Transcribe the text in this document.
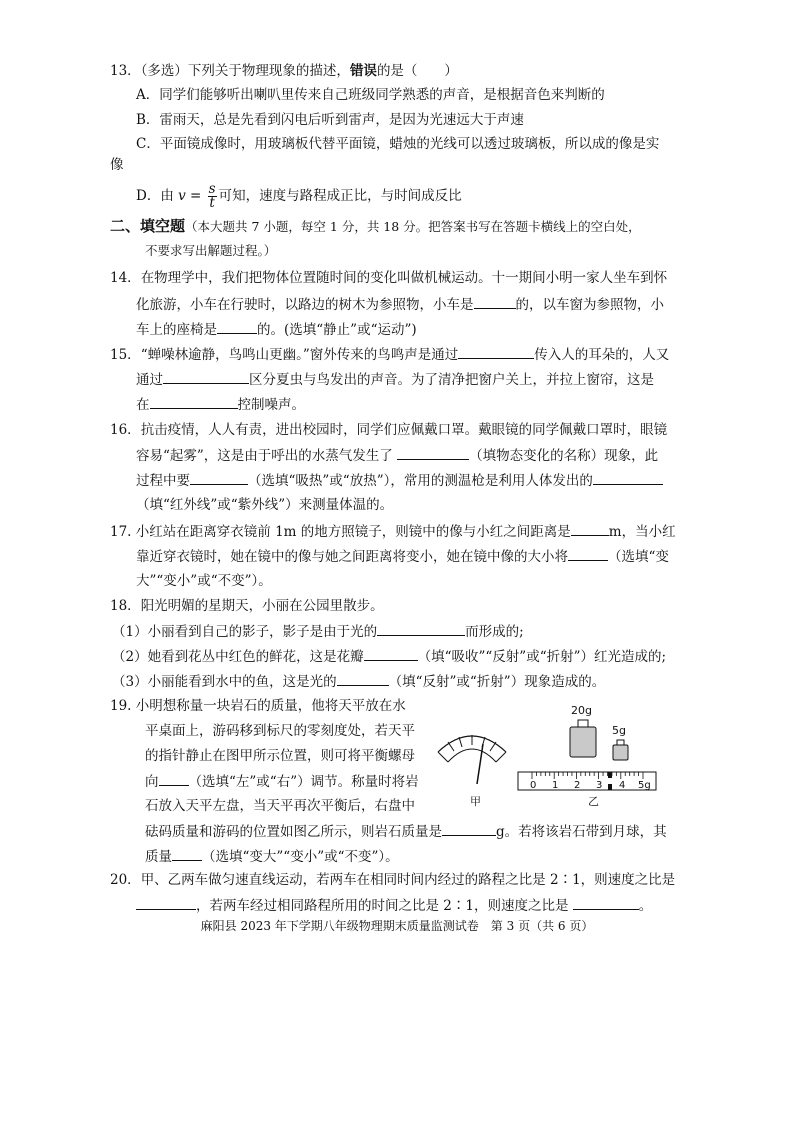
13．（多选）下列关于物理现象的描述，错误的是（　　）
A．同学们能够听出喇叭里传来自己班级同学熟悉的声音，是根据音色来判断的
B．雷雨天，总是先看到闪电后听到雷声，是因为光速远大于声速
C．平面镜成像时，用玻璃板代替平面镜，蜡烛的光线可以透过玻璃板，所以成的像是实
像
D．由 $v = \frac{s}{t}$ 可知，速度与路程成正比，与时间成反比
二、填空题（本大题共 7 小题，每空 1 分，共 18 分。把答案书写在答题卡横线上的空白处，
不要求写出解题过程。）
14．在物理学中，我们把物体位置随时间的变化叫做机械运动。十一期间小明一家人坐车到怀
化旅游，小车在行驶时，以路边的树木为参照物，小车是	的，以车窗为参照物，小
车上的座椅是	的。(选填“静止”或“运动”)
15．“蝉噪林逾静，鸟鸣山更幽。”窗外传来的鸟鸣声是通过	传入人的耳朵的，人又
通过	区分夏虫与鸟发出的声音。为了清净把窗户关上，并拉上窗帘，这是
在	控制噪声。
16．抗击疫情，人人有责，进出校园时，同学们应佩戴口罩。戴眼镜的同学佩戴口罩时，眼镜
容易“起雾”，这是由于呼出的水蒸气发生了	（填物态变化的名称）现象，此
过程中要	（选填“吸热”或“放热”），常用的测温枪是利用人体发出的
（填“红外线”或“紫外线”）来测量体温的。
17. 小红站在距离穿衣镜前 1m 的地方照镜子，则镜中的像与小红之间距离是	m，当小红
靠近穿衣镜时，她在镜中的像与她之间距离将变小，她在镜中像的大小将	（选填“变
大”“变小”或“不变”）。
18．阳光明媚的星期天，小丽在公园里散步。
（1）小丽看到自己的影子，影子是由于光的	而形成的;
（2）她看到花丛中红色的鲜花，这是花瓣	（填“吸收”“反射”或“折射”）红光造成的;
（3）小丽能看到水中的鱼，这是光的	（填“反射”或“折射”）现象造成的。
19. 小明想称量一块岩石的质量，他将天平放在水
平桌面上，游码移到标尺的零刻度处，若天平
的指针静止在图甲所示位置，则可将平衡螺母
向 （选填“左”或“右”）调节。称量时将岩
石放入天平左盘，当天平再次平衡后，右盘中
砝码质量和游码的位置如图乙所示，则岩石质量是	g。若将该岩石带到月球，其
质量 （选填“变大”“变小”或“不变”）。
甲
20g
5g
0 1 2 3 4 5g
乙
20．甲、乙两车做匀速直线运动，若两车在相同时间内经过的路程之比是 2∶1，则速度之比是
，若两车经过相同路程所用的时间之比是 2∶1，则速度之比是	。
麻阳县 2023 年下学期八年级物理期末质量监测试卷　第 3 页（共 6 页）
